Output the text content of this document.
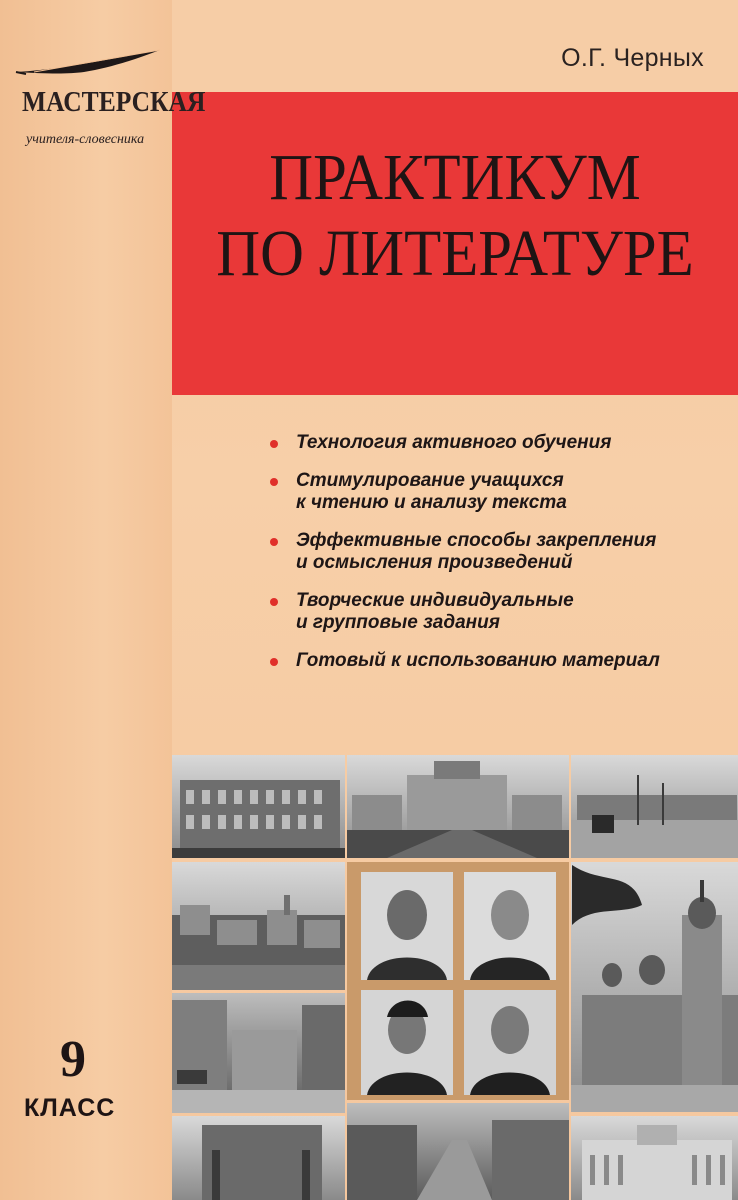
МАСТЕРСКАЯ
учителя-словесника
О.Г. Черных
ПРАКТИКУМ
ПО ЛИТЕРАТУРЕ
Технология активного обучения
Стимулирование учащихся
к чтению и анализу текста
Эффективные способы закрепления
и осмысления произведений
Творческие индивидуальные
и групповые задания
Готовый к использованию материал
9
КЛАСС
